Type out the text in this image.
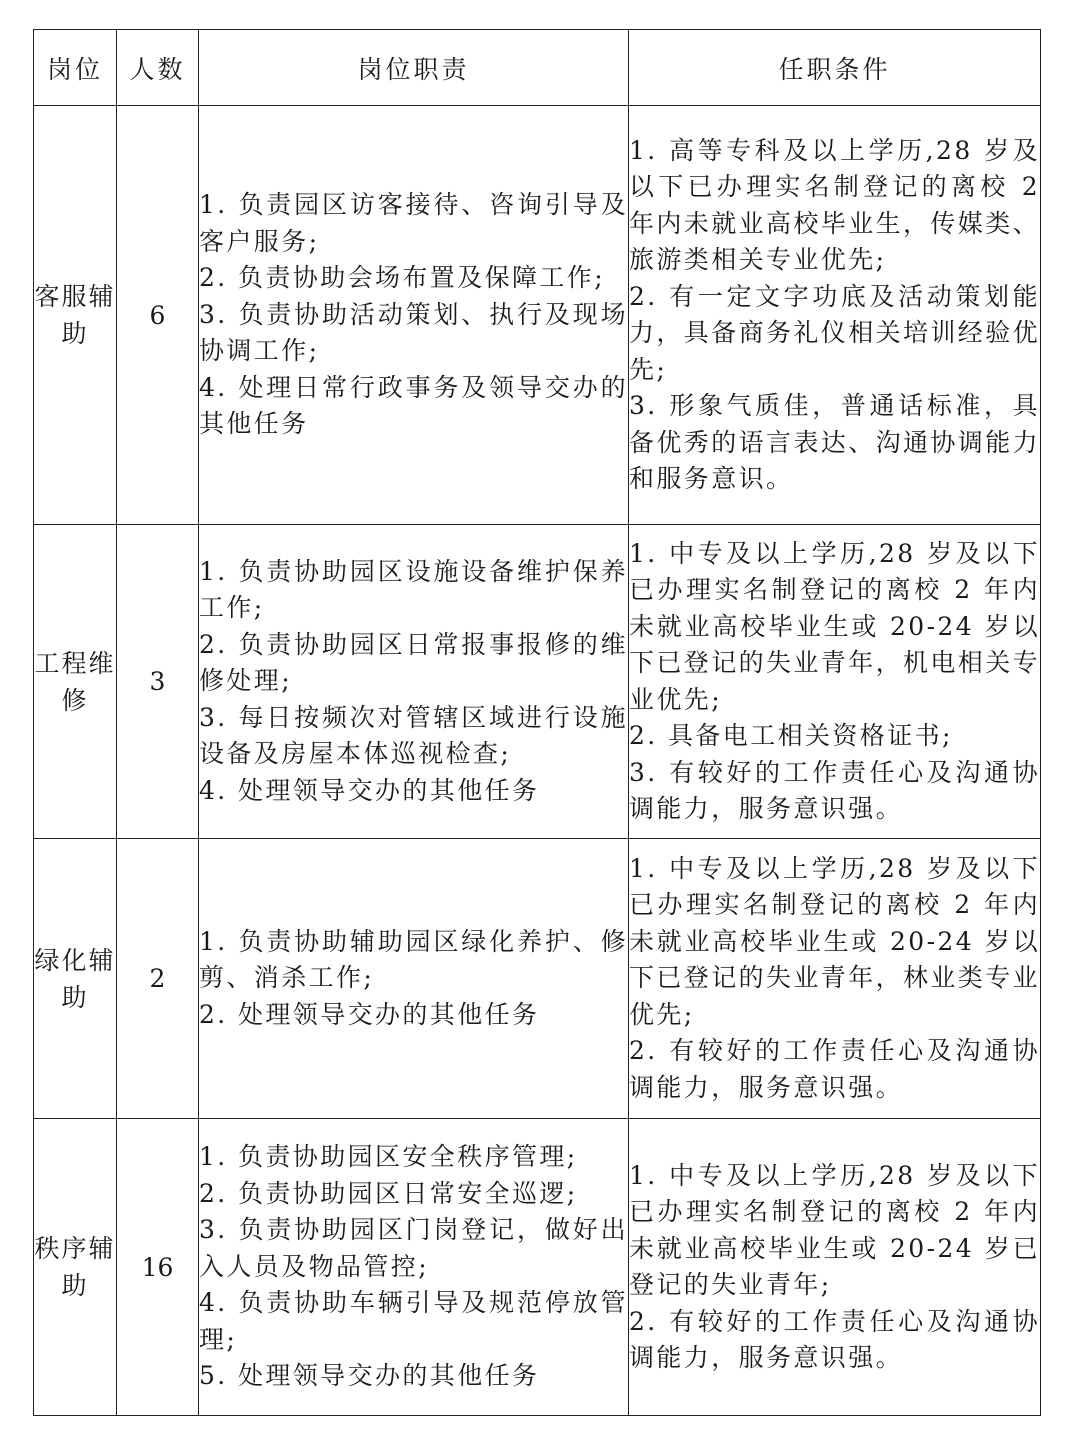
岗位	人数	岗位职责	任职条件
客服辅助	6	1. 负责园区访客接待、咨询引导及客户服务;
2. 负责协助会场布置及保障工作;
3. 负责协助活动策划、执行及现场协调工作;
4. 处理日常行政事务及领导交办的其他任务	1. 高等专科及以上学历,28 岁及以下已办理实名制登记的离校 2 年内未就业高校毕业生，传媒类、旅游类相关专业优先;
2. 有一定文字功底及活动策划能力，具备商务礼仪相关培训经验优先;
3. 形象气质佳，普通话标准，具备优秀的语言表达、沟通协调能力和服务意识。

工程维修	3	1. 负责协助园区设施设备维护保养工作;
2. 负责协助园区日常报事报修的维修处理;
3. 每日按频次对管辖区域进行设施设备及房屋本体巡视检查;
4. 处理领导交办的其他任务	1. 中专及以上学历,28 岁及以下已办理实名制登记的离校 2 年内未就业高校毕业生或 20-24 岁以下已登记的失业青年，机电相关专业优先;
2. 具备电工相关资格证书;
3. 有较好的工作责任心及沟通协调能力，服务意识强。

绿化辅助	2	1. 负责协助辅助园区绿化养护、修剪、消杀工作;
2. 处理领导交办的其他任务	1. 中专及以上学历,28 岁及以下已办理实名制登记的离校 2 年内未就业高校毕业生或 20-24 岁以下已登记的失业青年，林业类专业优先;
2. 有较好的工作责任心及沟通协调能力，服务意识强。

秩序辅助	16	1. 负责协助园区安全秩序管理;
2. 负责协助园区日常安全巡逻;
3. 负责协助园区门岗登记，做好出入人员及物品管控;
4. 负责协助车辆引导及规范停放管理;
5. 处理领导交办的其他任务	1. 中专及以上学历,28 岁及以下已办理实名制登记的离校 2 年内未就业高校毕业生或 20-24 岁已登记的失业青年;
2. 有较好的工作责任心及沟通协调能力，服务意识强。
